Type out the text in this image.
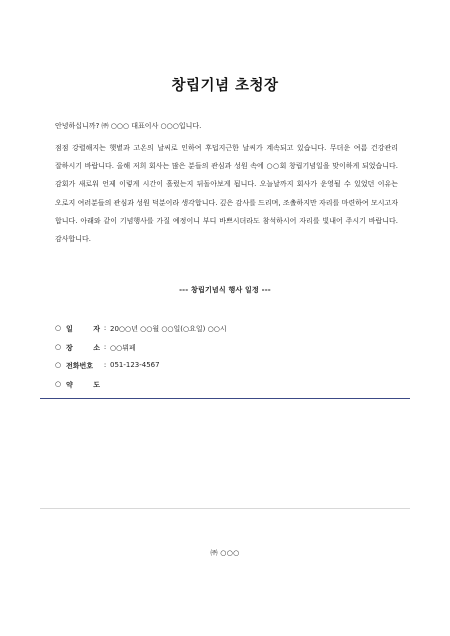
창립기념 초청장
안녕하십니까? ㈜ ○○○ 대표이사 ○○○입니다.

점점 강렬해지는 햇볕과 고온의 날씨로 인하여 후덥지근한 날씨가 계속되고 있습니다. 무더운 여름 건강관리 잘하시기 바랍니다. 올해 저희 회사는 많은 분들의 관심과 성원 속에 ○○회 창립기념일을 맞이하게 되었습니다. 감회가 새로워 언제 이렇게 시간이 흘렀는지 뒤돌아보게 됩니다. 오늘날까지 회사가 운영될 수 있었던 이유는 오로지 여러분들의 관심과 성원 덕분이라 생각합니다. 깊은 감사를 드리며, 조촐하지만 자리를 마련하여 모시고자 합니다. 아래와 같이 기념행사를 가질 예정이니 부디 바쁘시더라도 참석하시어 자리를 빛내어 주시기 바랍니다. 감사합니다.

--- 창립기념식 행사 일정 ---
○ 일	자 : 20○○년 ○○월 ○○일(○요일) ○○시
○ 장	소 : ○○뷔페
○ 전화번호	: 051-123-4567
○ 약	도
㈜ ○○○
